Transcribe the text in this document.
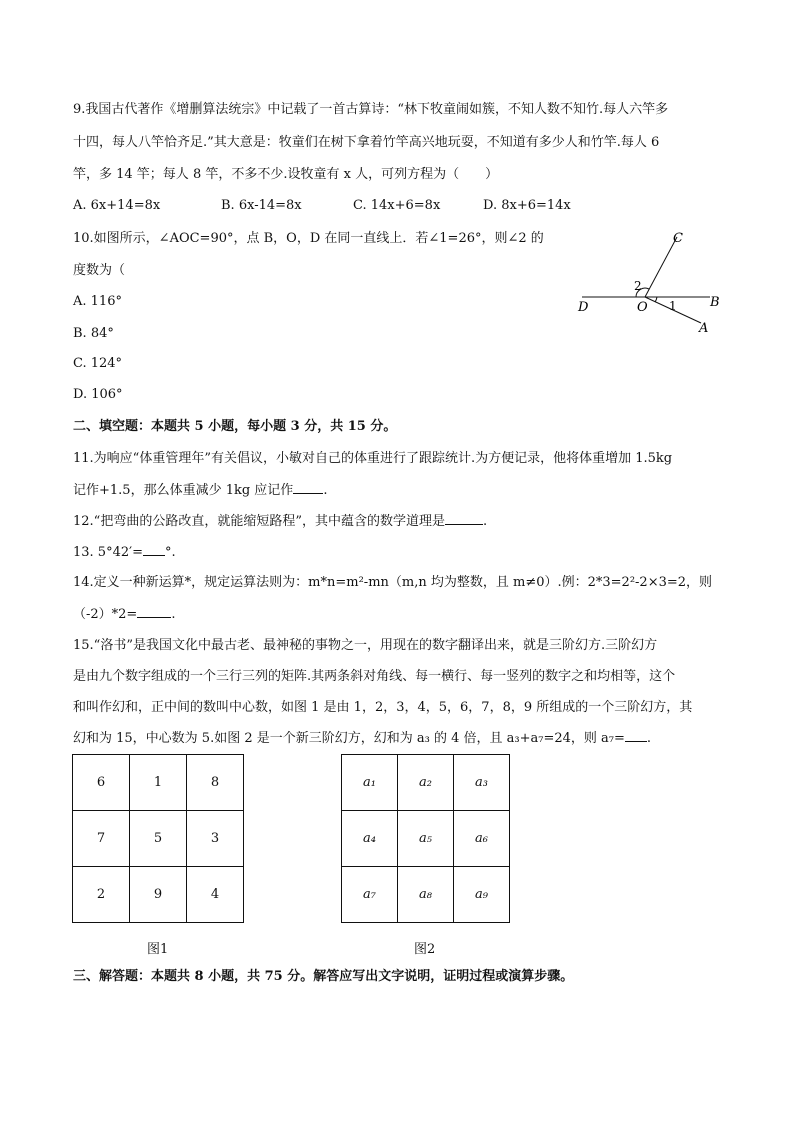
9.我国古代著作《增删算法统宗》中记载了一首古算诗：“林下牧童闹如簇，不知人数不知竹.每人六竿多
十四，每人八竿恰齐足.”其大意是：牧童们在树下拿着竹竿高兴地玩耍，不知道有多少人和竹竿.每人 6
竿，多 14 竿；每人 8 竿，不多不少.设牧童有 x 人，可列方程为（　　）
A. 6x+14=8x	B. 6x-14=8x	C. 14x+6=8x	D. 8x+6=14x
10.如图所示，∠AOC=90°，点 B，O，D 在同一直线上．若∠1=26°，则∠2 的
度数为（
A. 116°
B. 84°
C. 124°
D. 106°
C
D	O	B
A
1
2
二、填空题：本题共 5 小题，每小题 3 分，共 15 分。
11.为响应“体重管理年”有关倡议，小敏对自己的体重进行了跟踪统计.为方便记录，他将体重增加 1.5kg
记作+1.5，那么体重减少 1kg 应记作 .
12.“把弯曲的公路改直，就能缩短路程”，其中蕴含的数学道理是	.
13. 5°42′= °.
14.定义一种新运算*，规定运算法则为：m*n=m²-mn（m,n 均为整数，且 m≠0）.例：2*3=2²-2×3=2，则
（-2）*2=	.
15.“洛书”是我国文化中最古老、最神秘的事物之一，用现在的数字翻译出来，就是三阶幻方.三阶幻方
是由九个数字组成的一个三行三列的矩阵.其两条斜对角线、每一横行、每一竖列的数字之和均相等，这个
和叫作幻和，正中间的数叫中心数，如图 1 是由 1，2，3，4，5，6，7，8，9 所组成的一个三阶幻方，其
幻和为 15，中心数为 5.如图 2 是一个新三阶幻方，幻和为 a₃ 的 4 倍，且 a₃+a₇=24，则 a₇= .
6	1	8
7	5	3
2	9	4
图1
a₁	a₂	a₃
a₄	a₅	a₆
a₇	a₈	a₉
图2
三、解答题：本题共 8 小题，共 75 分。解答应写出文字说明，证明过程或演算步骤。
